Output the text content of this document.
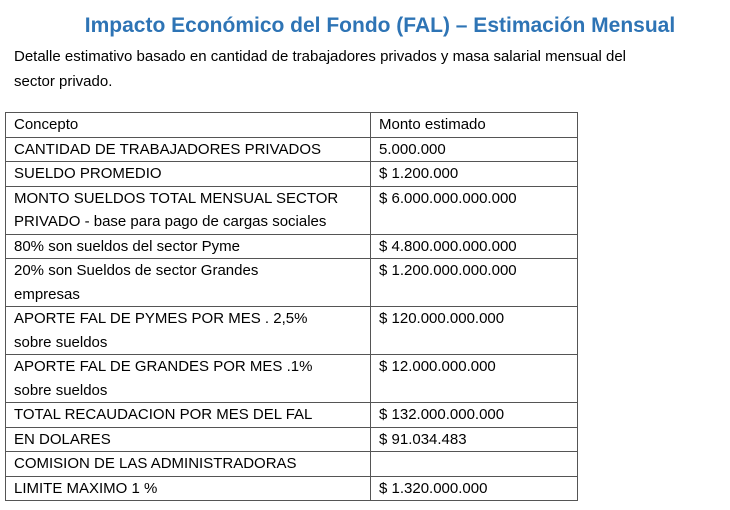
Impacto Económico del Fondo (FAL) – Estimación Mensual
Detalle estimativo basado en cantidad de trabajadores privados y masa salarial mensual del
sector privado.
Concepto	Monto estimado

CANTIDAD DE TRABAJADORES PRIVADOS	5.000.000

SUELDO PROMEDIO	$ 1.200.000

MONTO SUELDOS TOTAL MENSUAL SECTOR
PRIVADO - base para pago de cargas sociales	$ 6.000.000.000.000

80% son sueldos del sector Pyme	$ 4.800.000.000.000

20% son Sueldos de sector Grandes
empresas	$ 1.200.000.000.000

APORTE FAL DE PYMES POR MES . 2,5%
sobre sueldos	$ 120.000.000.000

APORTE FAL DE GRANDES POR MES .1%
sobre sueldos	$ 12.000.000.000

TOTAL RECAUDACION POR MES DEL FAL	$ 132.000.000.000

EN DOLARES	$ 91.034.483

COMISION DE LAS ADMINISTRADORAS	

LIMITE MAXIMO 1 %	$ 1.320.000.000
